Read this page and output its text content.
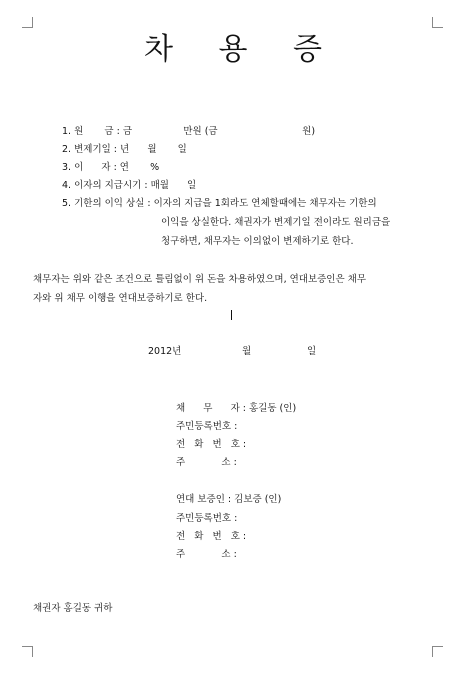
차 용 증
1. 원       금 : 금                 만원 (금                            원)
2. 변제기일 : 년      월       일
3. 이      자 : 연       %
4. 이자의 지급시기 : 매월      일
5. 기한의 이익 상실 : 이자의 지급을 1회라도 연체할때에는 채무자는 기한의
이익을 상실한다. 채권자가 변제기일 전이라도 원리금을
청구하면, 채무자는 이의없이 변제하기로 한다.
채무자는 위와 같은 조건으로 틀림없이 위 돈을 차용하였으며, 연대보증인은 채무
자와 위 채무 이행을 연대보증하기로 한다.
2012년	월	일
채      무      자 : 홍길동 (인)
주민등록번호 :
전   화   번   호 :
주            소 :
연대 보증인 : 김보증 (인)
주민등록번호 :
전   화   번   호 :
주            소 :
채권자 홍길동 귀하
